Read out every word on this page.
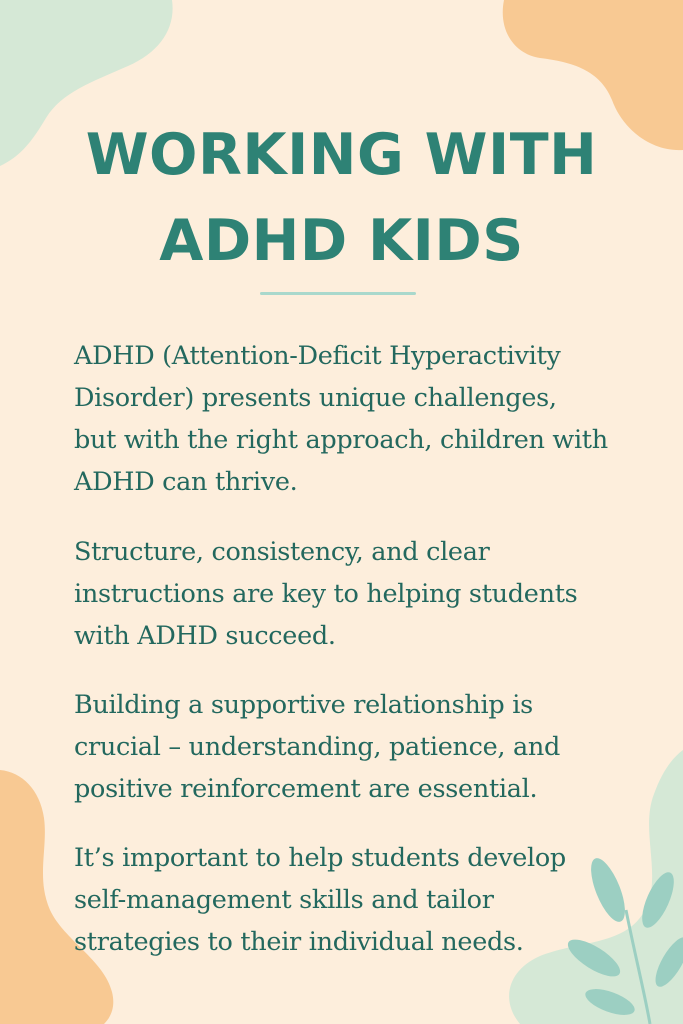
WORKING WITH
ADHD KIDS

ADHD (Attention-Deficit Hyperactivity
Disorder) presents unique challenges,
but with the right approach, children with
ADHD can thrive.

Structure, consistency, and clear
instructions are key to helping students
with ADHD succeed.

Building a supportive relationship is
crucial – understanding, patience, and
positive reinforcement are essential.

It’s important to help students develop
self-management skills and tailor
strategies to their individual needs.
